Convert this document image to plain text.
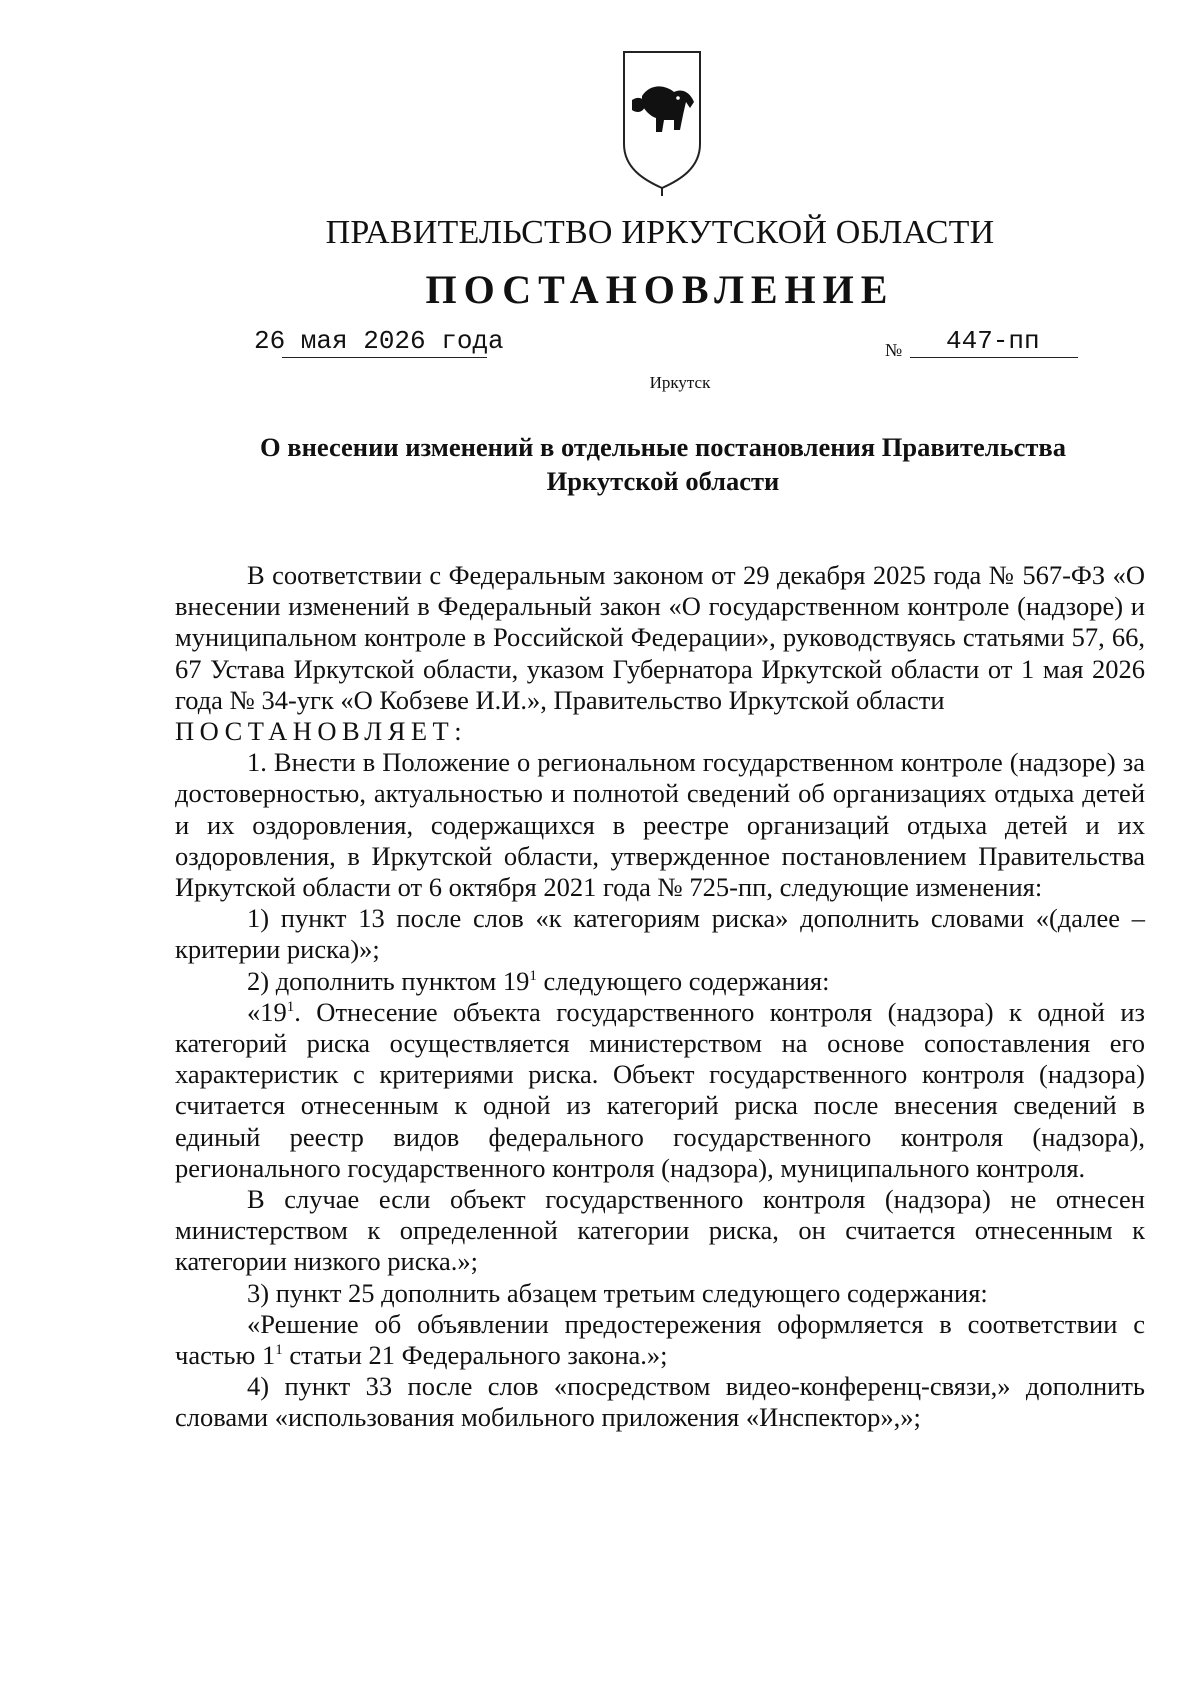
ПРАВИТЕЛЬСТВО ИРКУТСКОЙ ОБЛАСТИ
ПОСТАНОВЛЕНИЕ
26 мая 2026 года	№ 447-пп
Иркутск
О внесении изменений в отдельные постановления Правительства
Иркутской области

В соответствии с Федеральным законом от 29 декабря 2025 года № 567-ФЗ «О внесении изменений в Федеральный закон «О государственном контроле (надзоре) и муниципальном контроле в Российской Федерации», руководствуясь статьями 57, 66, 67 Устава Иркутской области, указом Губернатора Иркутской области от 1 мая 2026 года № 34-угк «О Кобзеве И.И.», Правительство Иркутской области

ПОСТАНОВЛЯЕТ:

1. Внести в Положение о региональном государственном контроле (надзоре) за достоверностью, актуальностью и полнотой сведений об организациях отдыха детей и их оздоровления, содержащихся в реестре организаций отдыха детей и их оздоровления, в Иркутской области, утвержденное постановлением Правительства Иркутской области от 6 октября 2021 года № 725-пп, следующие изменения:

1) пункт 13 после слов «к категориям риска» дополнить словами «(далее – критерии риска)»;

2) дополнить пунктом $19^1$ следующего содержания:

«$19^1$. Отнесение объекта государственного контроля (надзора) к одной из категорий риска осуществляется министерством на основе сопоставления его характеристик с критериями риска. Объект государственного контроля (надзора) считается отнесенным к одной из категорий риска после внесения сведений в единый реестр видов федерального государственного контроля (надзора), регионального государственного контроля (надзора), муниципального контроля.

В случае если объект государственного контроля (надзора) не отнесен министерством к определенной категории риска, он считается отнесенным к категории низкого риска.»;

3) пункт 25 дополнить абзацем третьим следующего содержания:

«Решение об объявлении предостережения оформляется в соответствии с частью $1^1$ статьи 21 Федерального закона.»;

4) пункт 33 после слов «посредством видео-конференц-связи,» дополнить словами «использования мобильного приложения «Инспектор»,»;
